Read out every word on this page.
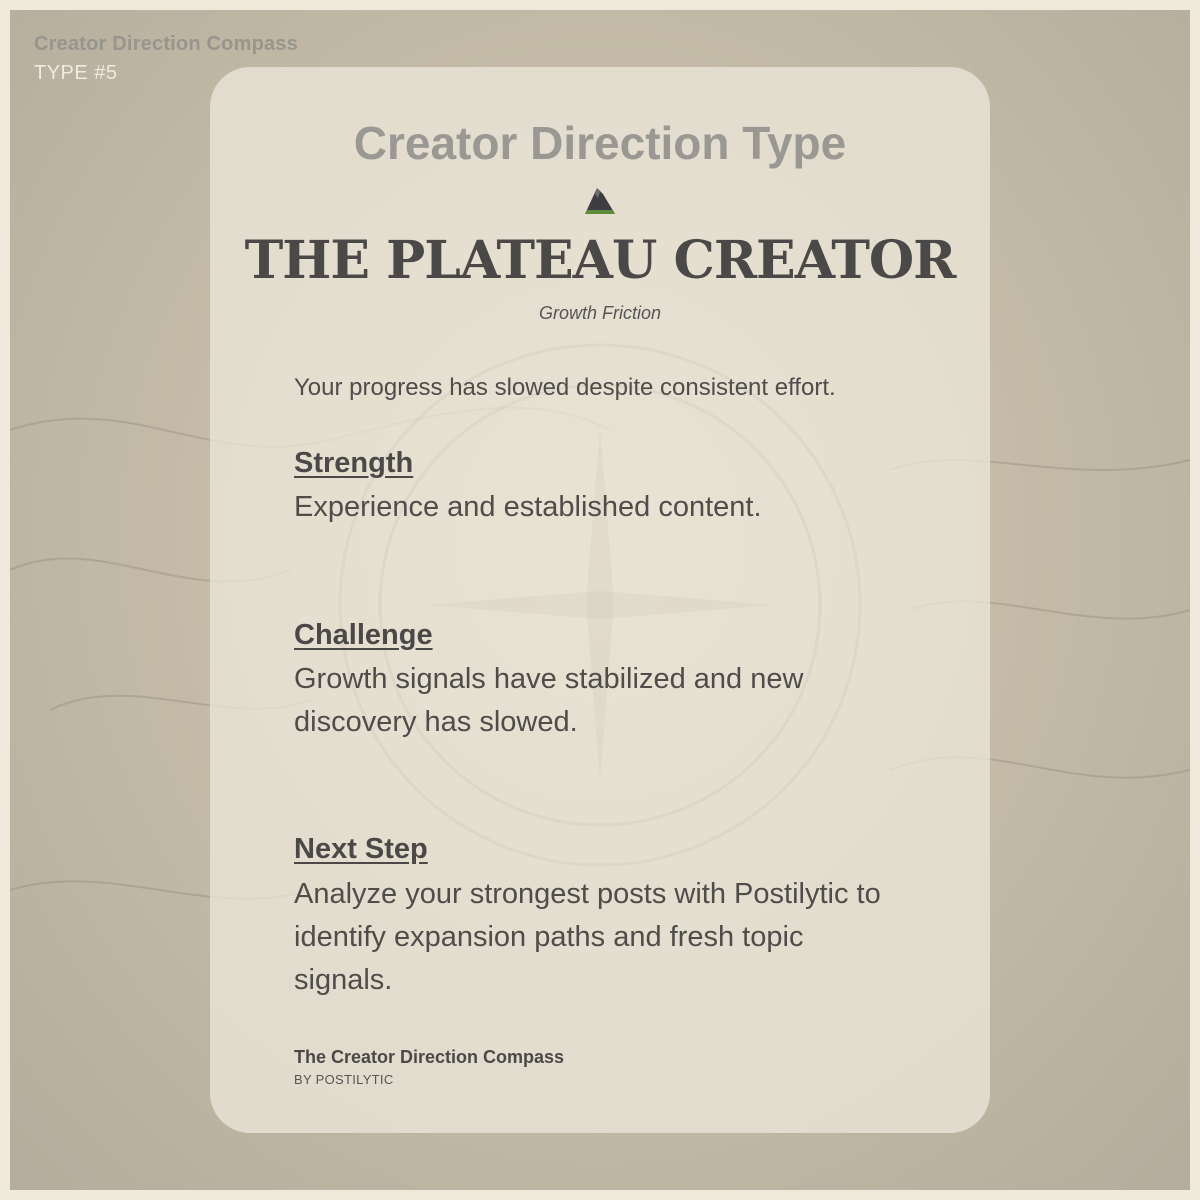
Creator Direction Compass
TYPE #5
Creator Direction Type
THE PLATEAU CREATOR
Growth Friction
Your progress has slowed despite consistent effort.
Strength
Experience and established content.
Challenge
Growth signals have stabilized and new discovery has slowed.
Next Step
Analyze your strongest posts with Postilytic to identify expansion paths and fresh topic signals.
The Creator Direction Compass
BY POSTILYTIC
